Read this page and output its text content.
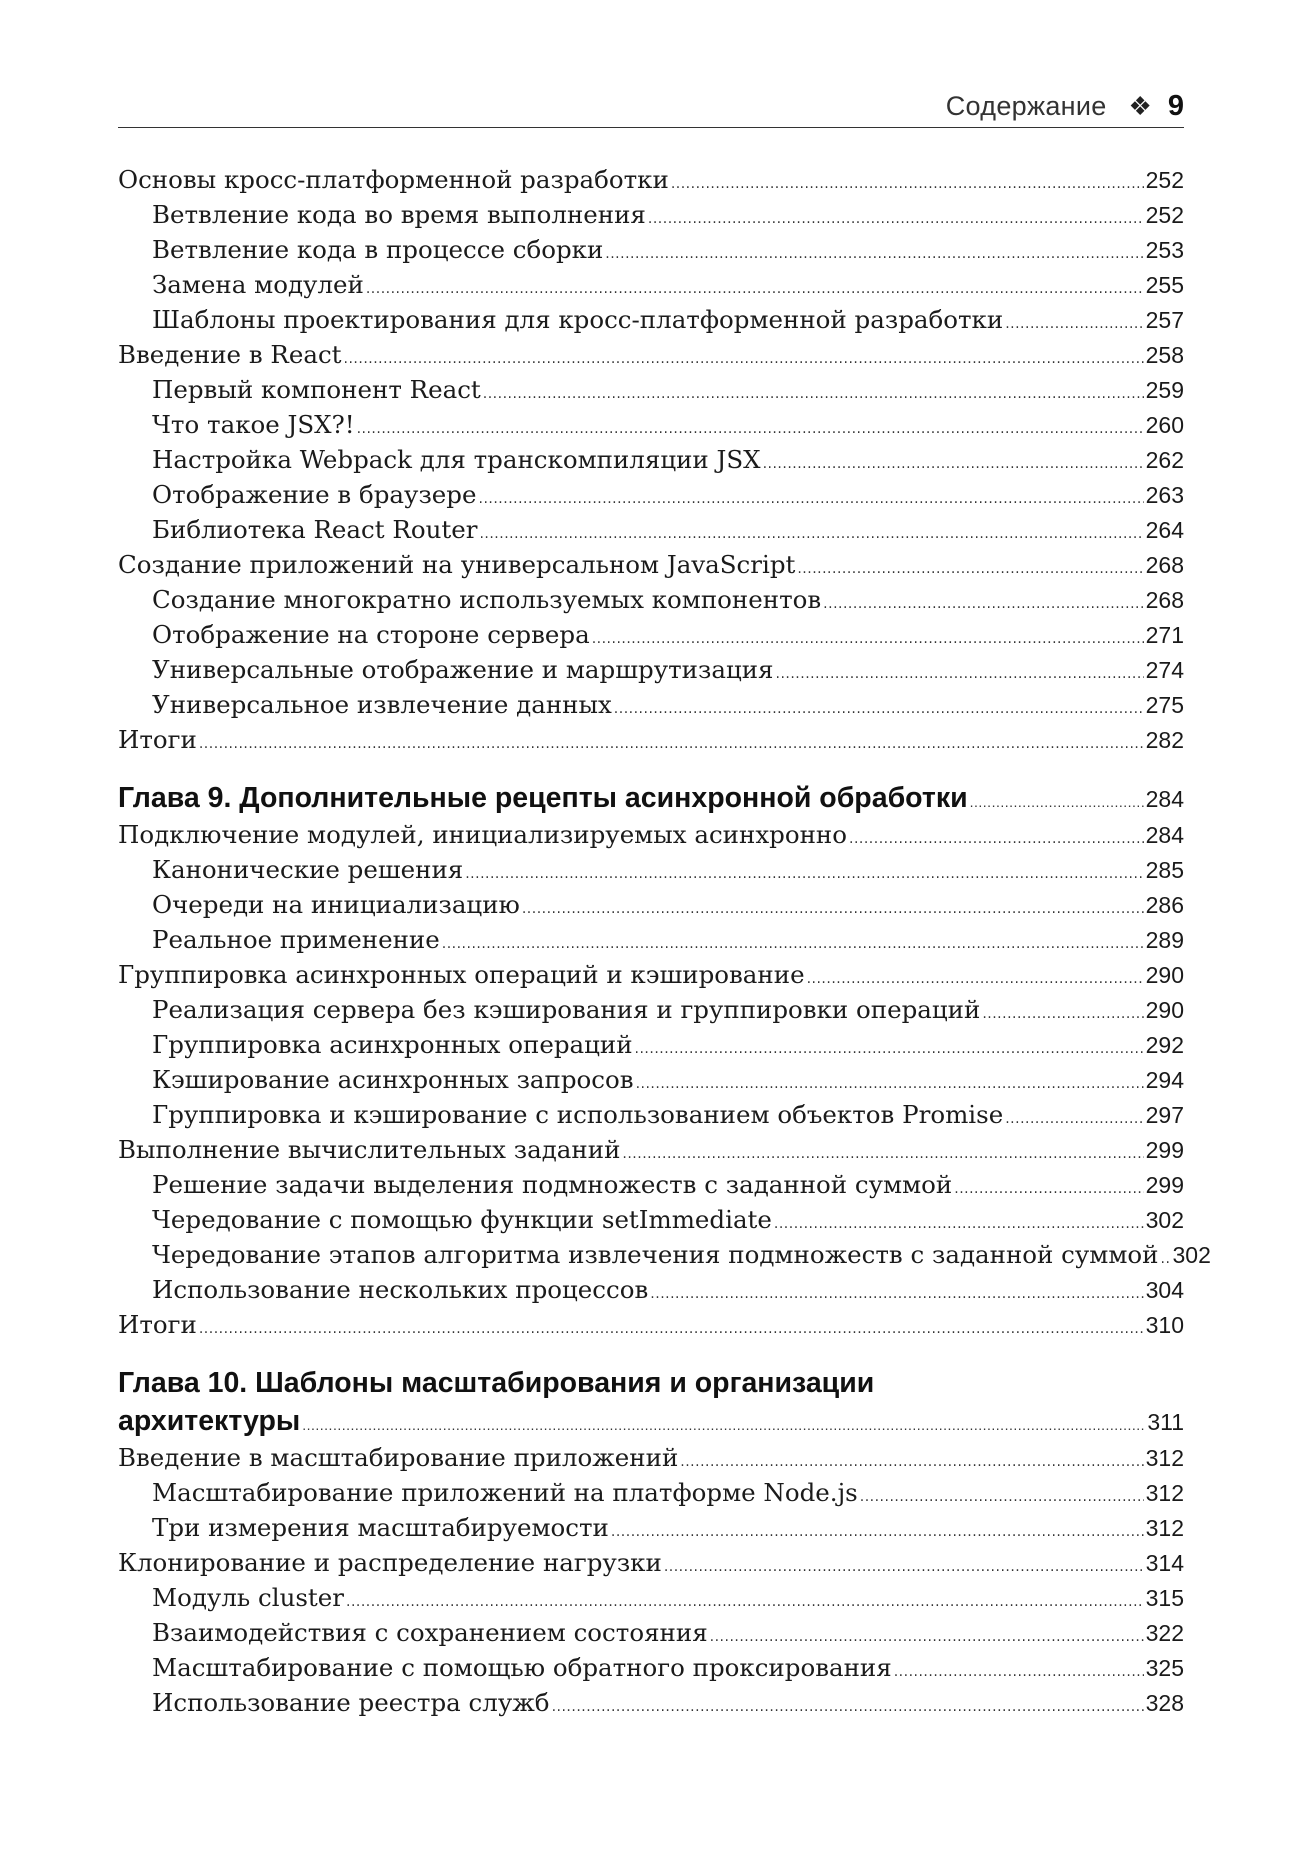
Содержание ❖ 9
Основы кросс-платформенной разработки .....	252
Ветвление кода во время выполнения .....	252
Ветвление кода в процессе сборки .....	253
Замена модулей .....	255
Шаблоны проектирования для кросс-платформенной разработки .....	257
Введение в React .....	258
Первый компонент React .....	259
Что такое JSX?! .....	260
Настройка Webpack для транскомпиляции JSX .....	262
Отображение в браузере .....	263
Библиотека React Router .....	264
Создание приложений на универсальном JavaScript .....	268
Создание многократно используемых компонентов .....	268
Отображение на стороне сервера .....	271
Универсальные отображение и маршрутизация .....	274
Универсальное извлечение данных .....	275
Итоги .....	282
Глава 9. Дополнительные рецепты асинхронной обработки .....	284
Подключение модулей, инициализируемых асинхронно .....	284
Канонические решения .....	285
Очереди на инициализацию .....	286
Реальное применение .....	289
Группировка асинхронных операций и кэширование .....	290
Реализация сервера без кэширования и группировки операций .....	290
Группировка асинхронных операций .....	292
Кэширование асинхронных запросов .....	294
Группировка и кэширование с использованием объектов Promise .....	297
Выполнение вычислительных заданий .....	299
Решение задачи выделения подмножеств с заданной суммой .....	299
Чередование с помощью функции setImmediate .....	302
Чередование этапов алгоритма извлечения подмножеств с заданной суммой ..... 302
Использование нескольких процессов .....	304
Итоги .....	310
Глава 10. Шаблоны масштабирования и организации
архитектуры .....	311
Введение в масштабирование приложений .....	312
Масштабирование приложений на платформе Node.js .....	312
Три измерения масштабируемости .....	312
Клонирование и распределение нагрузки .....	314
Модуль cluster .....	315
Взаимодействия с сохранением состояния .....	322
Масштабирование с помощью обратного проксирования .....	325
Использование реестра служб .....	328
